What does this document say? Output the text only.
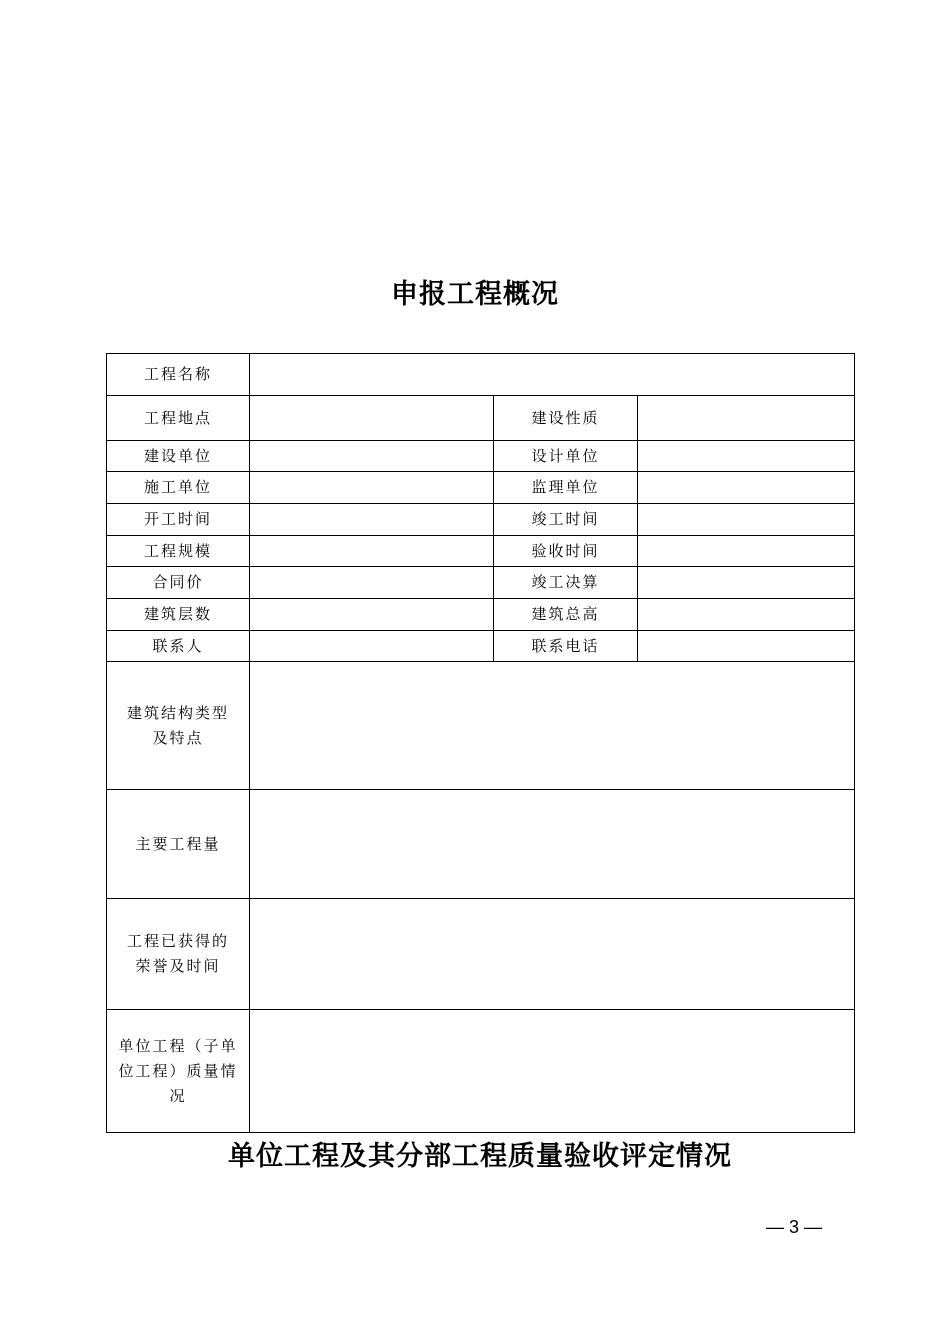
申报工程概况
工程名称			
工程地点		建设性质	
建设单位		设计单位	
施工单位		监理单位	
开工时间		竣工时间	
工程规模		验收时间	
合同价		竣工决算	
建筑层数		建筑总高	
联系人		联系电话	
建筑结构类型
及特点			
主要工程量			
工程已获得的
荣誉及时间			
单位工程（子单
位工程）质量情
况			
单位工程及其分部工程质量验收评定情况
— 3 —
